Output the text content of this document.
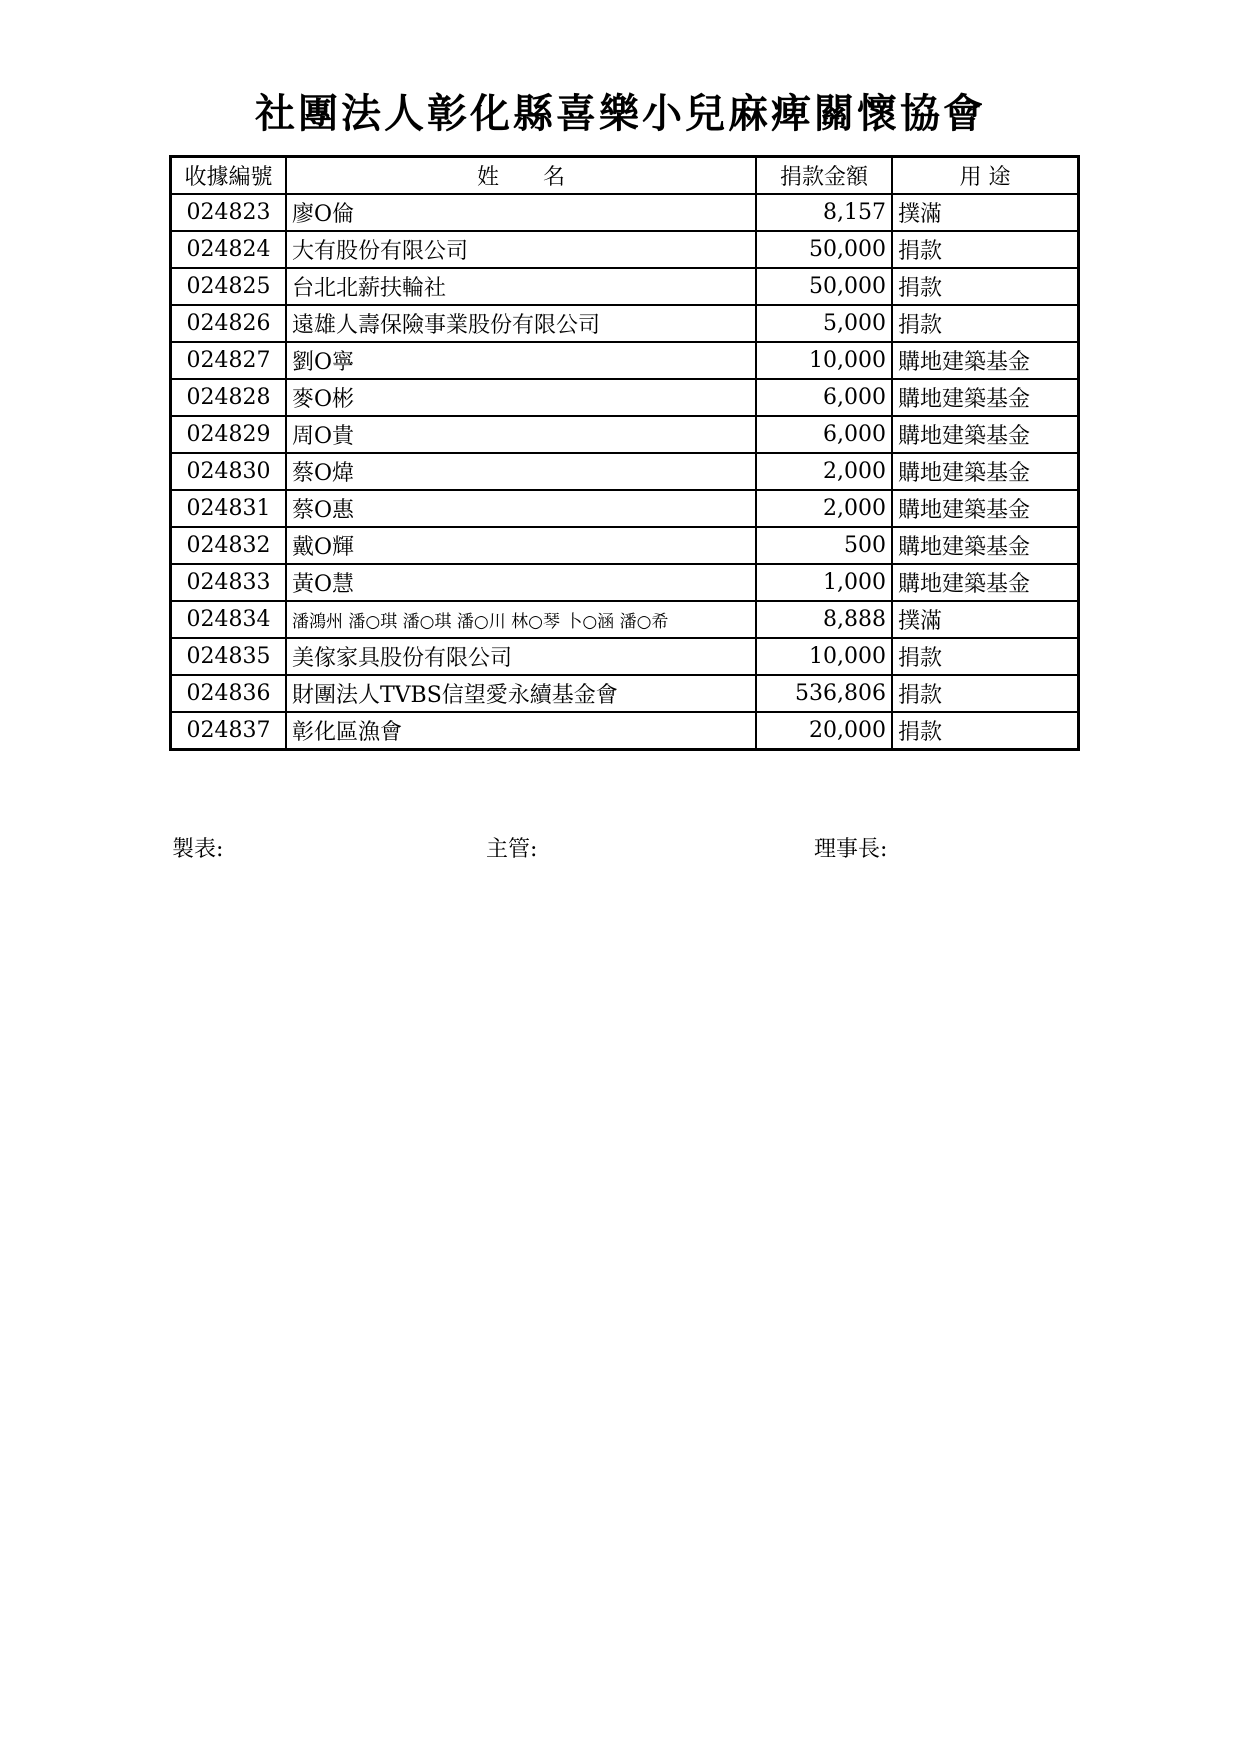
社團法人彰化縣喜樂小兒麻痺關懷協會
收據編號	姓　　名	捐款金額	用 途
024823	廖O倫	8,157	撲滿
024824	大有股份有限公司	50,000	捐款
024825	台北北薪扶輪社	50,000	捐款
024826	遠雄人壽保險事業股份有限公司	5,000	捐款
024827	劉O寧	10,000	購地建築基金
024828	麥O彬	6,000	購地建築基金
024829	周O貴	6,000	購地建築基金
024830	蔡O煒	2,000	購地建築基金
024831	蔡O惠	2,000	購地建築基金
024832	戴O輝	500	購地建築基金
024833	黃O慧	1,000	購地建築基金
024834	潘鴻州 潘○琪 潘○琪 潘○川 林○琴 卜○涵 潘○希	8,888	撲滿
024835	美傢家具股份有限公司	10,000	捐款
024836	財團法人TVBS信望愛永續基金會	536,806	捐款
024837	彰化區漁會	20,000	捐款
製表:	主管:	理事長:
